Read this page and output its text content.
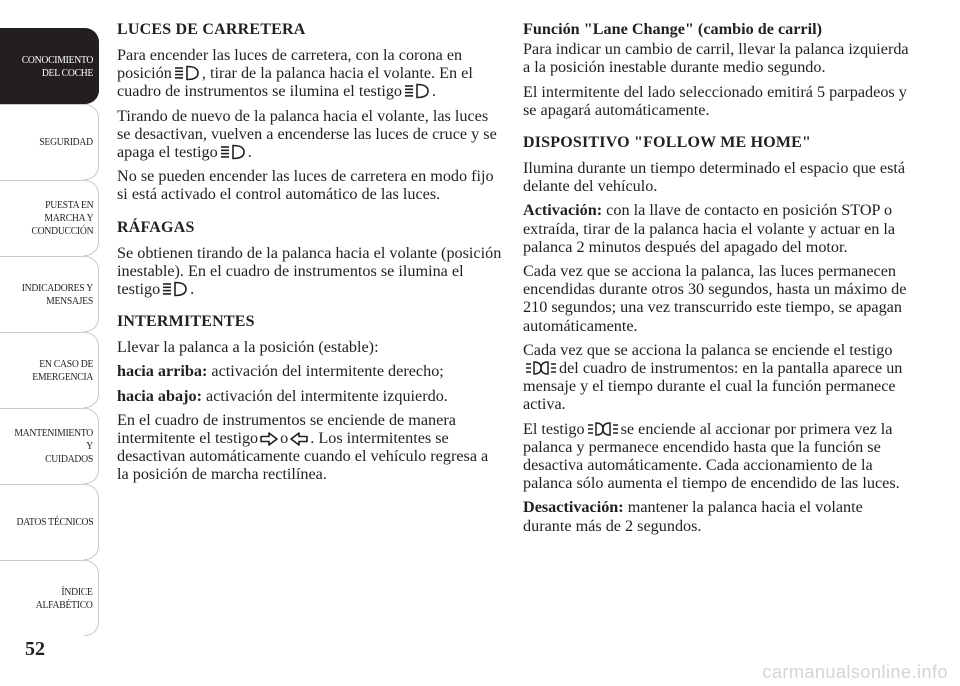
CONOCIMIENTO
DEL COCHE
SEGURIDAD
PUESTA EN
MARCHA Y
CONDUCCIÓN
INDICADORES Y
MENSAJES
EN CASO DE
EMERGENCIA
MANTENIMIENTO Y
CUIDADOS
DATOS TÉCNICOS
ÍNDICE
ALFABÉTICO
52
LUCES DE CARRETERA

Para encender las luces de carretera, con la corona en posición , tirar de la palanca hacia el volante. En el cuadro de instrumentos se ilumina el testigo .

Tirando de nuevo de la palanca hacia el volante, las luces se desactivan, vuelven a encenderse las luces de cruce y se apaga el testigo .

No se pueden encender las luces de carretera en modo fijo si está activado el control automático de las luces.

RÁFAGAS

Se obtienen tirando de la palanca hacia el volante (posición inestable). En el cuadro de instrumentos se ilumina el testigo .

INTERMITENTES

Llevar la palanca a la posición (estable):

hacia arriba: activación del intermitente derecho;

hacia abajo: activación del intermitente izquierdo.

En el cuadro de instrumentos se enciende de manera intermitente el testigo o . Los intermitentes se desactivan automáticamente cuando el vehículo regresa a la posición de marcha rectilínea.

Función "Lane Change" (cambio de carril)

Para indicar un cambio de carril, llevar la palanca izquierda a la posición inestable durante medio segundo.

El intermitente del lado seleccionado emitirá 5 parpadeos y se apagará automáticamente.

DISPOSITIVO "FOLLOW ME HOME"

Ilumina durante un tiempo determinado el espacio que está delante del vehículo.

Activación: con la llave de contacto en posición STOP o extraída, tirar de la palanca hacia el volante y actuar en la palanca 2 minutos después del apagado del motor.

Cada vez que se acciona la palanca, las luces permanecen encendidas durante otros 30 segundos, hasta un máximo de 210 segundos; una vez transcurrido este tiempo, se apagan automáticamente.

Cada vez que se acciona la palanca se enciende el testigodel cuadro de instrumentos: en la pantalla aparece un mensaje y el tiempo durante el cual la función permanece activa.

El testigo se enciende al accionar por primera vez la palanca y permanece encendido hasta que la función se desactiva automáticamente. Cada accionamiento de la palanca sólo aumenta el tiempo de encendido de las luces.

Desactivación: mantener la palanca hacia el volante durante más de 2 segundos.

carmanualsonline.info
